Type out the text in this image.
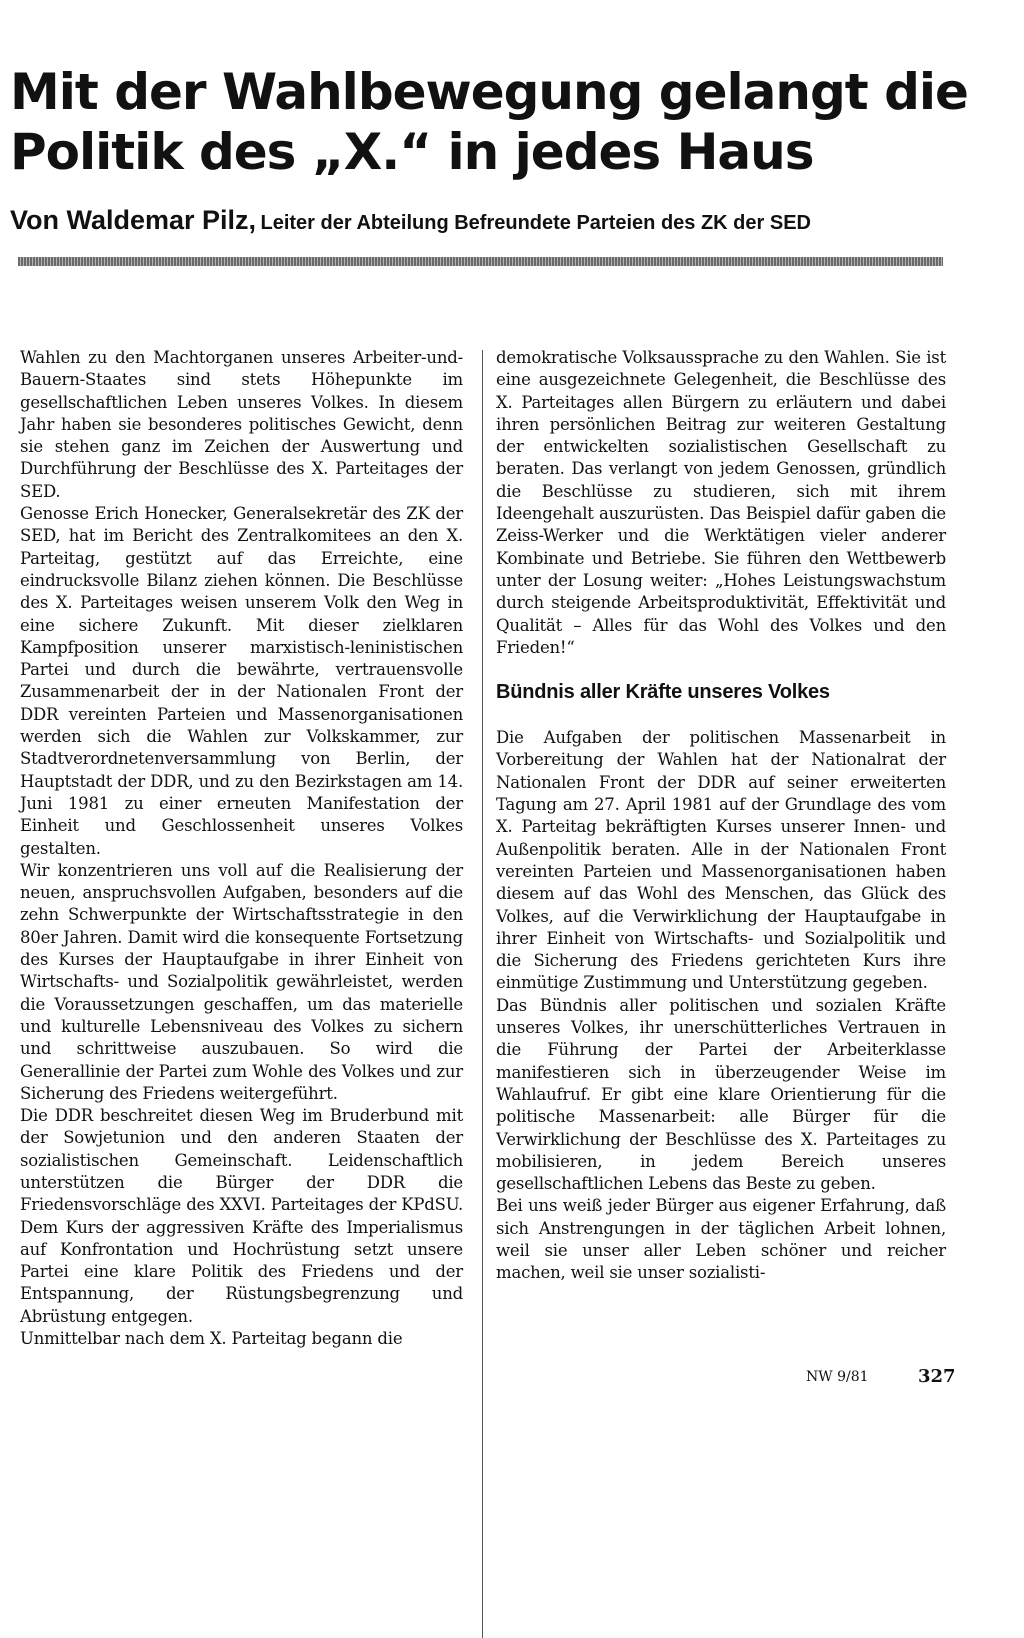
Mit der Wahlbewegung gelangt die Politik des „X.“ in jedes Haus
Von Waldemar Pilz, Leiter der Abteilung Befreundete Parteien des ZK der SED

Wahlen zu den Machtorganen unseres Arbeiter-und-Bauern-Staates sind stets Höhepunkte im gesellschaftlichen Leben unseres Volkes. In diesem Jahr haben sie besonderes politisches Gewicht, denn sie stehen ganz im Zeichen der Auswertung und Durchführung der Beschlüsse des X. Parteitages der SED.

Genosse Erich Honecker, Generalsekretär des ZK der SED, hat im Bericht des Zentralkomitees an den X. Parteitag, gestützt auf das Erreichte, eine eindrucksvolle Bilanz ziehen können. Die Beschlüsse des X. Parteitages weisen unserem Volk den Weg in eine sichere Zukunft. Mit dieser zielklaren Kampfposition unserer marxistisch-leninistischen Partei und durch die bewährte, vertrauensvolle Zusammenarbeit der in der Nationalen Front der DDR vereinten Parteien und Massenorganisationen werden sich die Wahlen zur Volkskammer, zur Stadtverordnetenversammlung von Berlin, der Hauptstadt der DDR, und zu den Bezirkstagen am 14. Juni 1981 zu einer erneuten Manifestation der Einheit und Geschlossenheit unseres Volkes gestalten.

Wir konzentrieren uns voll auf die Realisierung der neuen, anspruchsvollen Aufgaben, besonders auf die zehn Schwerpunkte der Wirtschaftsstrategie in den 80er Jahren. Damit wird die konsequente Fortsetzung des Kurses der Hauptaufgabe in ihrer Einheit von Wirtschafts- und Sozialpolitik gewährleistet, werden die Voraussetzungen geschaffen, um das materielle und kulturelle Lebensniveau des Volkes zu sichern und schrittweise auszubauen. So wird die Generallinie der Partei zum Wohle des Volkes und zur Sicherung des Friedens weitergeführt.

Die DDR beschreitet diesen Weg im Bruderbund mit der Sowjetunion und den anderen Staaten der sozialistischen Gemeinschaft. Leidenschaftlich unterstützen die Bürger der DDR die Friedensvorschläge des XXVI. Parteitages der KPdSU. Dem Kurs der aggressiven Kräfte des Imperialismus auf Konfrontation und Hochrüstung setzt unsere Partei eine klare Politik des Friedens und der Entspannung, der Rüstungsbegrenzung und Abrüstung entgegen.

Unmittelbar nach dem X. Parteitag begann die

demokratische Volksaussprache zu den Wahlen. Sie ist eine ausgezeichnete Gelegenheit, die Beschlüsse des X. Parteitages allen Bürgern zu erläutern und dabei ihren persönlichen Beitrag zur weiteren Gestaltung der entwickelten sozialistischen Gesellschaft zu beraten. Das verlangt von jedem Genossen, gründlich die Beschlüsse zu studieren, sich mit ihrem Ideengehalt auszurüsten. Das Beispiel dafür gaben die Zeiss-Werker und die Werktätigen vieler anderer Kombinate und Betriebe. Sie führen den Wettbewerb unter der Losung weiter: „Hohes Leistungswachstum durch steigende Arbeitsproduktivität, Effektivität und Qualität – Alles für das Wohl des Volkes und den Frieden!“

Bündnis aller Kräfte unseres Volkes

Die Aufgaben der politischen Massenarbeit in Vorbereitung der Wahlen hat der Nationalrat der Nationalen Front der DDR auf seiner erweiterten Tagung am 27. April 1981 auf der Grundlage des vom X. Parteitag bekräftigten Kurses unserer Innen- und Außenpolitik beraten. Alle in der Nationalen Front vereinten Parteien und Massenorganisationen haben diesem auf das Wohl des Menschen, das Glück des Volkes, auf die Verwirklichung der Hauptaufgabe in ihrer Einheit von Wirtschafts- und Sozialpolitik und die Sicherung des Friedens gerichteten Kurs ihre einmütige Zustimmung und Unterstützung gegeben.

Das Bündnis aller politischen und sozialen Kräfte unseres Volkes, ihr unerschütterliches Vertrauen in die Führung der Partei der Arbeiterklasse manifestieren sich in überzeugender Weise im Wahlaufruf. Er gibt eine klare Orientierung für die politische Massenarbeit: alle Bürger für die Verwirklichung der Beschlüsse des X. Parteitages zu mobilisieren, in jedem Bereich unseres gesellschaftlichen Lebens das Beste zu geben.

Bei uns weiß jeder Bürger aus eigener Erfahrung, daß sich Anstrengungen in der täglichen Arbeit lohnen, weil sie unser aller Leben schöner und reicher machen, weil sie unser sozialisti-

NW 9/81	327
